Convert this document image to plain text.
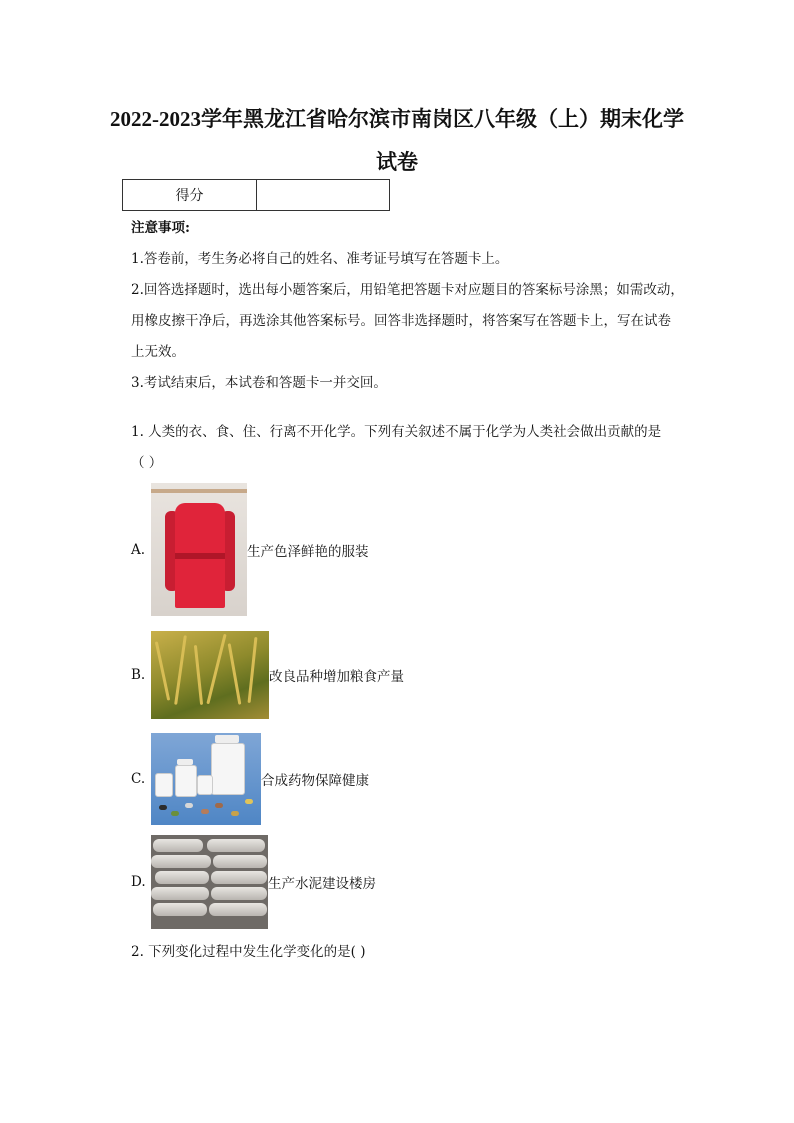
2022-2023学年黑龙江省哈尔滨市南岗区八年级（上）期末化学
试卷
得分	
注意事项:
1.答卷前，考生务必将自己的姓名、准考证号填写在答题卡上。
2.回答选择题时，选出每小题答案后，用铅笔把答题卡对应题目的答案标号涂黑；如需改动，
用橡皮擦干净后，再选涂其他答案标号。回答非选择题时，将答案写在答题卡上，写在试卷
上无效。
3.考试结束后，本试卷和答题卡一并交回。
1. 人类的衣、食、住、行离不开化学。下列有关叙述不属于化学为人类社会做出贡献的是
（ ）
A.	生产色泽鲜艳的服装
B.	改良品种增加粮食产量
C.	合成药物保障健康
D.	生产水泥建设楼房
2. 下列变化过程中发生化学变化的是( )
